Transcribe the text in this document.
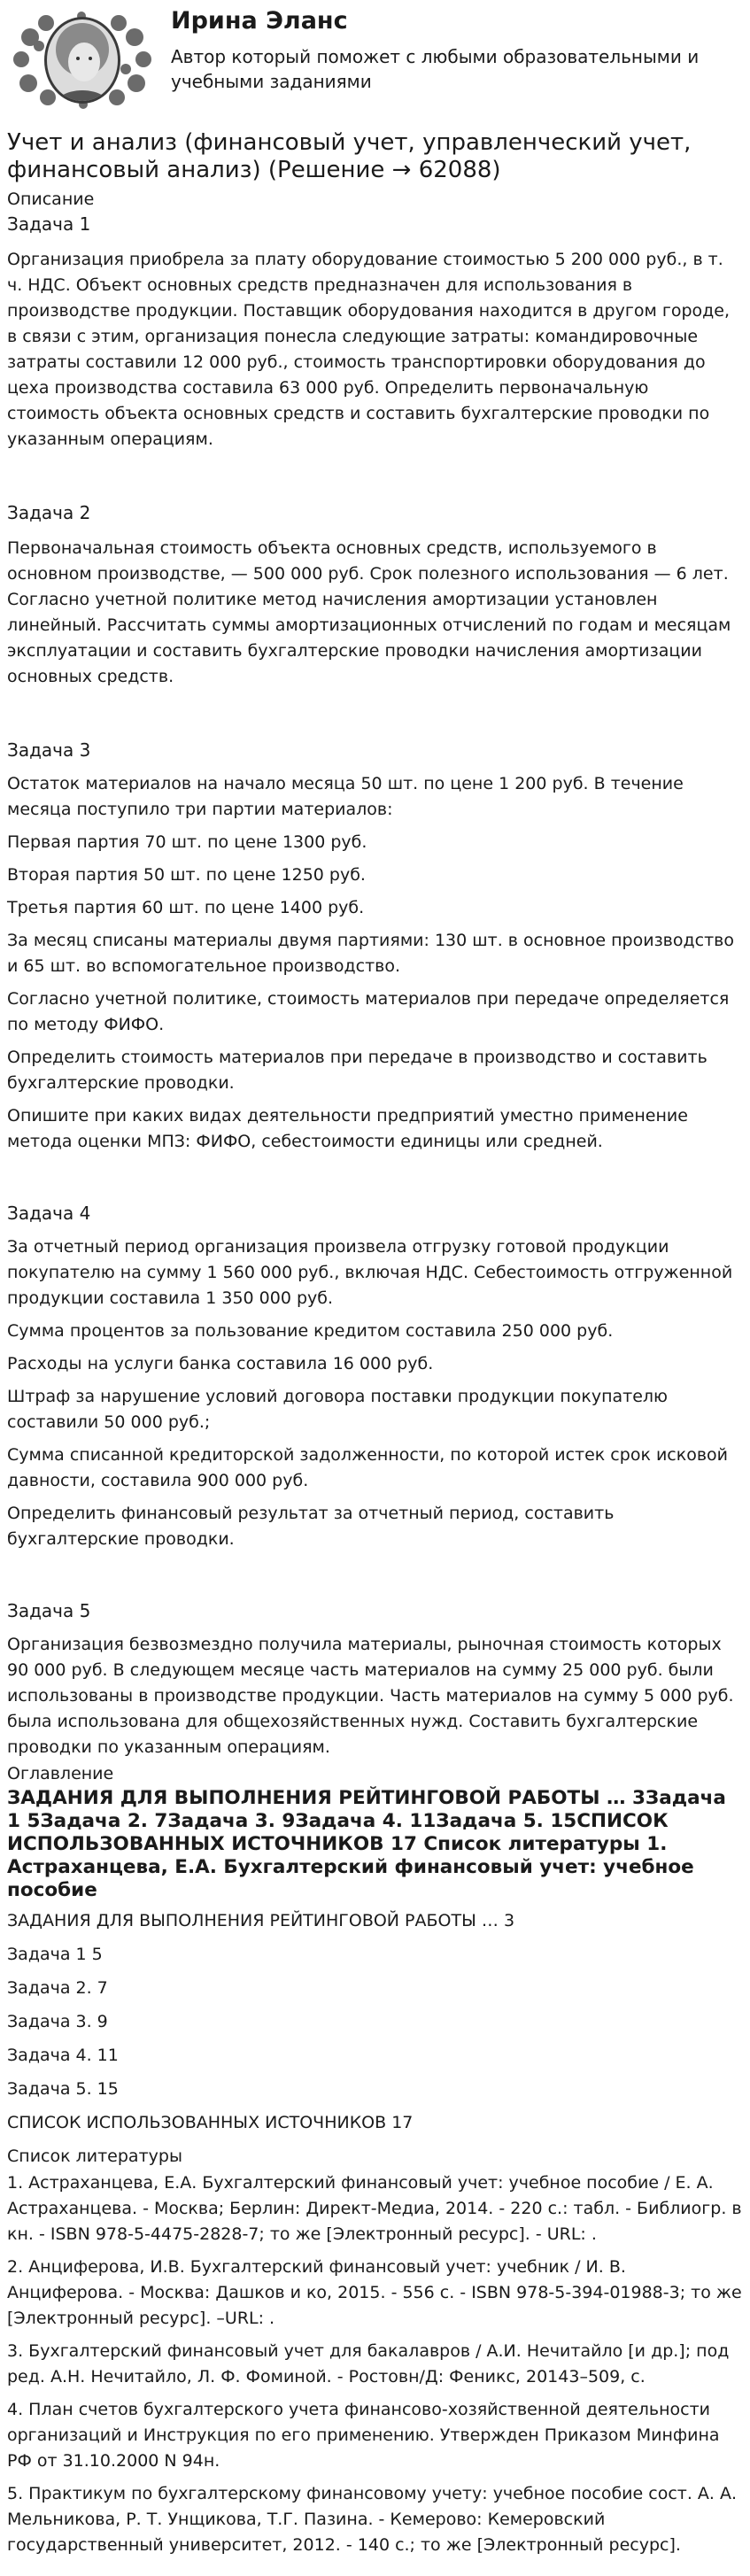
Ирина Эланс

Автор который поможет с любыми образовательными и учебными заданиями

Учет и анализ (финансовый учет, управленческий учет, финансовый анализ) (Решение → 62088)

Описание

Задача 1

Организация приобрела за плату оборудование стоимостью 5 200 000 руб., в т. ч. НДС. Объект основных средств предназначен для использования в производстве продукции. Поставщик оборудования находится в другом городе, в связи с этим, организация понесла следующие затраты: командировочные затраты составили 12 000 руб., стоимость транспортировки оборудования до цеха производства составила 63 000 руб. Определить первоначальную стоимость объекта основных средств и составить бухгалтерские проводки по указанным операциям.

Задача 2

Первоначальная стоимость объекта основных средств, используемого в основном производстве, — 500 000 руб. Срок полезного использования — 6 лет. Согласно учетной политике метод начисления амортизации установлен линейный. Рассчитать суммы амортизационных отчислений по годам и месяцам эксплуатации и составить бухгалтерские проводки начисления амортизации основных средств.

Задача 3

Остаток материалов на начало месяца 50 шт. по цене 1 200 руб. В течение месяца поступило три партии материалов:

Первая партия 70 шт. по цене 1300 руб.

Вторая партия 50 шт. по цене 1250 руб.

Третья партия 60 шт. по цене 1400 руб.

За месяц списаны материалы двумя партиями: 130 шт. в основное производство и 65 шт. во вспомогательное производство.

Согласно учетной политике, стоимость материалов при передаче определяется по методу ФИФО.

Определить стоимость материалов при передаче в производство и составить бухгалтерские проводки.

Опишите при каких видах деятельности предприятий уместно применение метода оценки МПЗ: ФИФО, себестоимости единицы или средней.

Задача 4

За отчетный период организация произвела отгрузку готовой продукции покупателю на сумму 1 560 000 руб., включая НДС. Себестоимость отгруженной продукции составила 1 350 000 руб.

Сумма процентов за пользование кредитом составила 250 000 руб.

Расходы на услуги банка составила 16 000 руб.

Штраф за нарушение условий договора поставки продукции покупателю составили 50 000 руб.;

Сумма списанной кредиторской задолженности, по которой истек срок исковой давности, составила 900 000 руб.

Определить финансовый результат за отчетный период, составить бухгалтерские проводки.

Задача 5

Организация безвозмездно получила материалы, рыночная стоимость которых 90 000 руб. В следующем месяце часть материалов на сумму 25 000 руб. были использованы в производстве продукции. Часть материалов на сумму 5 000 руб. была использована для общехозяйственных нужд. Составить бухгалтерские проводки по указанным операциям.

Оглавление

ЗАДАНИЯ ДЛЯ ВЫПОЛНЕНИЯ РЕЙТИНГОВОЙ РАБОТЫ … 3Задача 1 5Задача 2. 7Задача 3. 9Задача 4. 11Задача 5. 15СПИСОК ИСПОЛЬЗОВАННЫХ ИСТОЧНИКОВ 17 Список литературы 1. Астраханцева, Е.А. Бухгалтерский финансовый учет: учебное пособие

ЗАДАНИЯ ДЛЯ ВЫПОЛНЕНИЯ РЕЙТИНГОВОЙ РАБОТЫ … 3

Задача 1 5

Задача 2. 7

Задача 3. 9

Задача 4. 11

Задача 5. 15

СПИСОК ИСПОЛЬЗОВАННЫХ ИСТОЧНИКОВ 17

Список литературы

1. Астраханцева, Е.А. Бухгалтерский финансовый учет: учебное пособие / Е. А. Астраханцева. - Москва; Берлин: Директ-Медиа, 2014. - 220 с.: табл. - Библиогр. в кн. - ISBN 978-5-4475-2828-7; то же [Электронный ресурс]. - URL: .

2. Анциферова, И.В. Бухгалтерский финансовый учет: учебник / И. В. Анциферова. - Москва: Дашков и ко, 2015. - 556 с. - ISBN 978-5-394-01988-3; то же [Электронный ресурс]. –URL: .

3. Бухгалтерский финансовый учет для бакалавров / А.И. Нечитайло [и др.]; под ред. А.Н. Нечитайло, Л. Ф. Фоминой. - Ростовн/Д: Феникс, 20143–509, с.

4. План счетов бухгалтерского учета финансово-хозяйственной деятельности организаций и Инструкция по его применению. Утвержден Приказом Минфина РФ от 31.10.2000 N 94н.

5. Практикум по бухгалтерскому финансовому учету: учебное пособие сост. А. А. Мельникова, Р. Т. Унщикова, Т.Г. Пазина. - Кемерово: Кемеровский государственный университет, 2012. - 140 с.; то же [Электронный ресурс].
